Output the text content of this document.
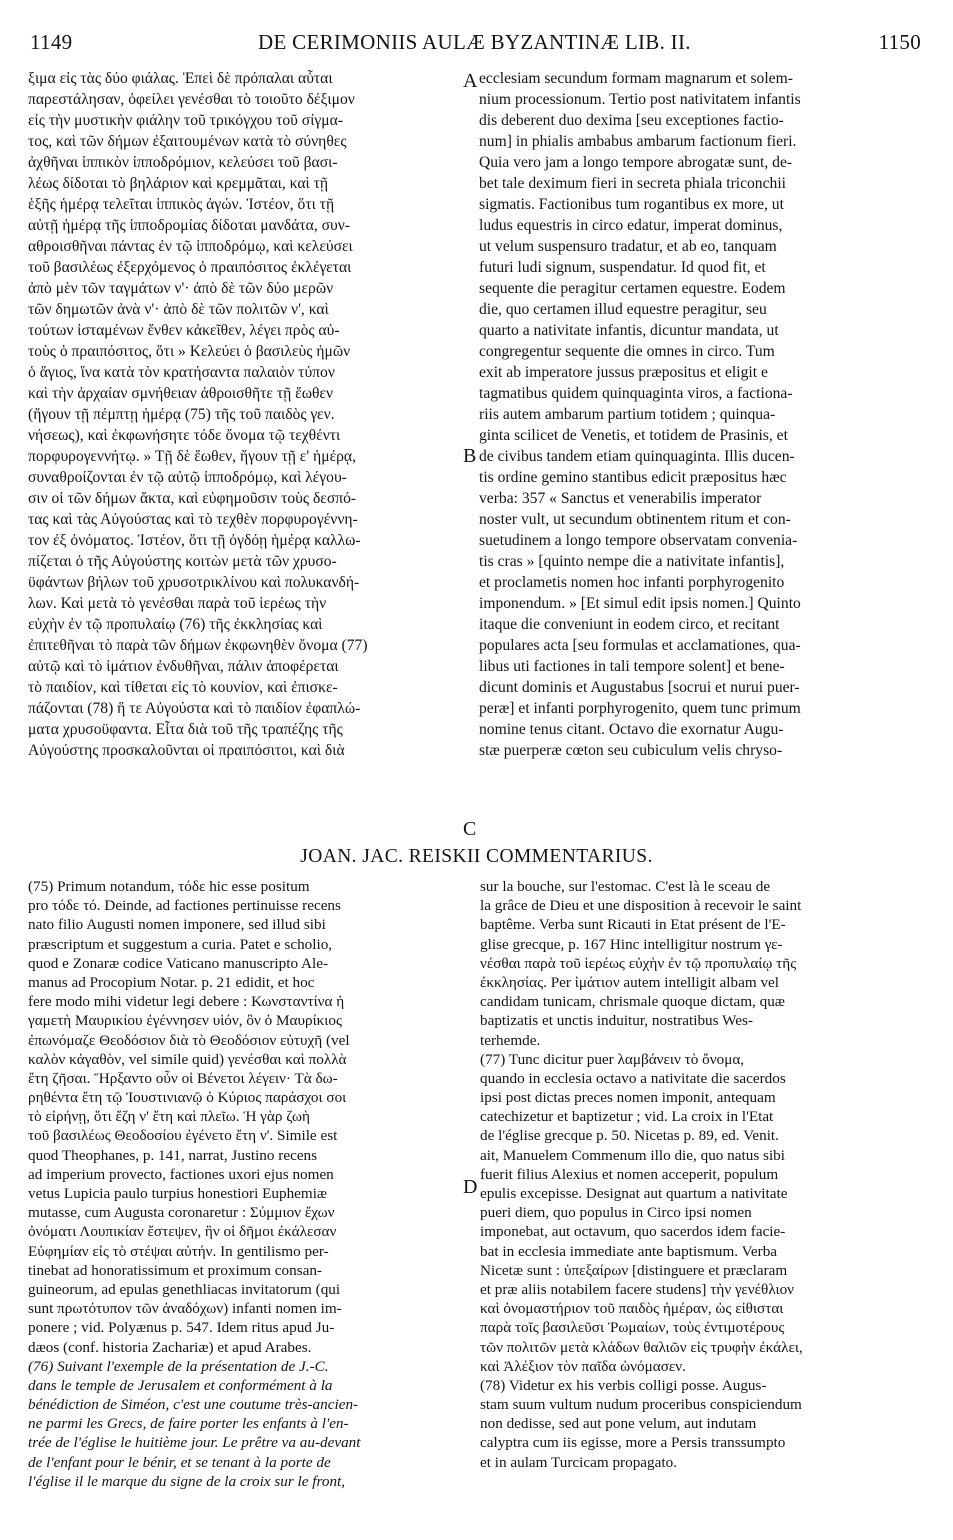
1149	DE CERIMONIIS AULÆ BYZANTINÆ LIB. II.	1150
ξιμα εἰς τὰς δύο φιάλας. Ἐπεὶ δὲ πρόπαλαι αὗται
παρεστάλησαν, ὀφείλει γενέσθαι τὸ τοιοῦτο δέξιμον
εἰς τὴν μυστικὴν φιάλην τοῦ τρικόγχου τοῦ σίγμα-
τος, καὶ τῶν δήμων ἐξαιτουμένων κατὰ τὸ σύνηθες
ἀχθῆναι ἱππικὸν ἱπποδρόμιον, κελεύσει τοῦ βασι-
λέως δίδοται τὸ βηλάριον καὶ κρεμμᾶται, καὶ τῇ
ἑξῆς ἡμέρᾳ τελεῖται ἱππικὸς ἀγών. Ἰστέον, ὅτι τῇ
αὐτῇ ἡμέρᾳ τῆς ἱπποδρομίας δίδοται μανδάτα, συν-
αθροισθῆναι πάντας ἐν τῷ ἱπποδρόμῳ, καὶ κελεύσει
τοῦ βασιλέως ἐξερχόμενος ὁ πραιπόσιτος ἐκλέγεται
ἀπὸ μὲν τῶν ταγμάτων ν'· ἀπὸ δὲ τῶν δύο μερῶν
τῶν δημωτῶν ἀνὰ ν'· ἀπὸ δὲ τῶν πολιτῶν ν', καὶ
τούτων ἱσταμένων ἔνθεν κἀκεῖθεν, λέγει πρὸς αὐ-
τοὺς ὁ πραιπόσιτος, ὅτι » Κελεύει ὁ βασιλεὺς ἡμῶν
ὁ ἅγιος, ἵνα κατὰ τὸν κρατήσαντα παλαιὸν τύπον
καὶ τὴν ἀρχαίαν σμνήθειαν ἀθροισθῆτε τῇ ἕωθεν
(ἤγουν τῇ πέμπτῃ ἡμέρᾳ (75) τῆς τοῦ παιδὸς γεν.
νήσεως), καὶ ἐκφωνήσητε τόδε ὄνομα τῷ τεχθέντι
πορφυρογεννήτῳ. » Τῇ δὲ ἕωθεν, ἤγουν τῇ ε' ἡμέρᾳ,
συναθροίζονται ἐν τῷ αὐτῷ ἱπποδρόμῳ, καὶ λέγου-
σιν οἱ τῶν δήμων ἄκτα, καὶ εὐφημοῦσιν τοὺς δεσπό-
τας καὶ τὰς Αὐγούστας καὶ τὸ τεχθὲν πορφυρογέννη-
τον ἐξ ὀνόματος. Ἰστέον, ὅτι τῇ ὀγδόῃ ἡμέρᾳ καλλω-
πίζεται ὁ τῆς Αὐγούστης κοιτὼν μετὰ τῶν χρυσο-
ϋφάντων βήλων τοῦ χρυσοτρικλίνου καὶ πολυκανδή-
λων. Καὶ μετὰ τὸ γενέσθαι παρὰ τοῦ ἱερέως τὴν
εὐχὴν ἐν τῷ προπυλαίῳ (76) τῆς ἐκκλησίας καὶ
ἐπιτεθῆναι τὸ παρὰ τῶν δήμων ἐκφωνηθὲν ὄνομα (77)
αὐτῷ καὶ τὸ ἱμάτιον ἐνδυθῆναι, πάλιν ἀποφέρεται
τὸ παιδίον, καὶ τίθεται εἰς τὸ κουνίον, καὶ ἐπισκε-
πάζονται (78) ἥ τε Αὐγούστα καὶ τὸ παιδίον ἐφαπλώ-
ματα χρυσοϋφαντα. Εἶτα διὰ τοῦ τῆς τραπέζης τῆς
Αὐγούστης προσκαλοῦνται οἱ πραιπόσιτοι, καὶ διὰ
ecclesiam secundum formam magnarum et solem-
nium processionum. Tertio post nativitatem infantis
dis deberent duo dexima [seu exceptiones factio-
num] in phialis ambabus ambarum factionum fieri.
Quia vero jam a longo tempore abrogatæ sunt, de-
bet tale deximum fieri in secreta phiala triconchii
sigmatis. Factionibus tum rogantibus ex more, ut
ludus equestris in circo edatur, imperat dominus,
ut velum suspensuro tradatur, et ab eo, tanquam
futuri ludi signum, suspendatur. Id quod fit, et
sequente die peragitur certamen equestre. Eodem
die, quo certamen illud equestre peragitur, seu
quarto a nativitate infantis, dicuntur mandata, ut
congregentur sequente die omnes in circo. Tum
exit ab imperatore jussus præpositus et eligit e
tagmatibus quidem quinquaginta viros, a factiona-
riis autem ambarum partium totidem ; quinqua-
ginta scilicet de Venetis, et totidem de Prasinis, et
de civibus tandem etiam quinquaginta. Illis ducen-
tis ordine gemino stantibus edicit præpositus hæc
verba: 357 « Sanctus et venerabilis imperator
noster vult, ut secundum obtinentem ritum et con-
suetudinem a longo tempore observatam convenia-
tis cras » [quinto nempe die a nativitate infantis],
et proclametis nomen hoc infanti porphyrogenito
imponendum. » [Et simul edit ipsis nomen.] Quinto
itaque die conveniunt in eodem circo, et recitant
populares acta [seu formulas et acclamationes, qua-
libus uti factiones in tali tempore solent] et bene-
dicunt dominis et Augustabus [socrui et nurui puer-
peræ] et infanti porphyrogenito, quem tunc primum
nomine tenus citant. Octavo die exornatur Augu-
stæ puerperæ cœton seu cubiculum velis chryso-
A
B
C
D
JOAN. JAC. REISKII COMMENTARIUS.
(75) Primum notandum, τόδε hic esse positum
pro τόδε τό. Deinde, ad factiones pertinuisse recens
nato filio Augusti nomen imponere, sed illud sibi
præscriptum et suggestum a curia. Patet e scholio,
quod e Zonaræ codice Vaticano manuscripto Ale-
manus ad Procopium Notar. p. 21 edidit, et hoc
fere modo mihi videtur legi debere : Κωνσταντίνα ἡ
γαμετὴ Μαυρικίου ἐγέννησεν υἱόν, ὃν ὁ Μαυρίκιος
ἐπωνόμαζε Θεοδόσιον διὰ τὸ Θεοδόσιον εὐτυχῆ (vel
καλὸν κἀγαθὸν, vel simile quid) γενέσθαι καὶ πολλὰ
ἔτη ζῆσαι. Ἤρξαντο οὖν οἱ Βένετοι λέγειν· Τὰ δω-
ρηθέντα ἔτη τῷ Ἰουστινιανῷ ὁ Κύριος παράσχοι σοι
τὸ εἰρήνῃ, ὅτι ἔζη ν' ἔτη καὶ πλεῖω. Ἡ γὰρ ζωὴ
τοῦ βασιλέως Θεοδοσίου ἐγένετο ἔτη ν'. Simile est
quod Theophanes, p. 141, narrat, Justino recens
ad imperium provecto, factiones uxori ejus nomen
vetus Lupicia paulo turpius honestiori Euphemiæ
mutasse, cum Augusta coronaretur : Σύμμιον ἔχων
ὀνόματι Λουπικίαν ἔστεψεν, ἣν οἱ δῆμοι ἐκάλεσαν
Εὐφημίαν εἰς τὸ στέψαι αὐτήν. In gentilismo per-
tinebat ad honoratissimum et proximum consan-
guineorum, ad epulas genethliacas invitatorum (qui
sunt πρωτότυπον τῶν ἀναδόχων) infanti nomen im-
ponere ; vid. Polyænus p. 547. Idem ritus apud Ju-
dæos (conf. historia Zachariæ) et apud Arabes.
(76) Suivant l'exemple de la présentation de J.-C.
dans le temple de Jerusalem et conformément à la
bénédiction de Siméon, c'est une coutume très-ancien-
ne parmi les Grecs, de faire porter les enfants à l'en-
trée de l'église le huitième jour. Le prêtre va au-devant
de l'enfant pour le bénir, et se tenant à la porte de
l'église il le marque du signe de la croix sur le front,
sur la bouche, sur l'estomac. C'est là le sceau de
la grâce de Dieu et une disposition à recevoir le saint
baptême. Verba sunt Ricauti in Etat présent de l'E-
glise grecque, p. 167 Hinc intelligitur nostrum γε-
νέσθαι παρὰ τοῦ ἱερέως εὐχὴν ἐν τῷ προπυλαίῳ τῆς
ἐκκλησίας. Per ἱμάτιον autem intelligit albam vel
candidam tunicam, chrismale quoque dictam, quæ
baptizatis et unctis induitur, nostratibus Wes-
terhemde.
(77) Tunc dicitur puer λαμβάνειν τὸ ὄνομα,
quando in ecclesia octavo a nativitate die sacerdos
ipsi post dictas preces nomen imponit, antequam
catechizetur et baptizetur ; vid. La croix in l'Etat
de l'église grecque p. 50. Nicetas p. 89, ed. Venit.
ait, Manuelem Commenum illo die, quo natus sibi
fuerit filius Alexius et nomen acceperit, populum
epulis excepisse. Designat aut quartum a nativitate
pueri diem, quo populus in Circo ipsi nomen
imponebat, aut octavum, quo sacerdos idem facie-
bat in ecclesia immediate ante baptismum. Verba
Nicetæ sunt : ὑπεξαίρων [distinguere et præclaram
et præ aliis notabilem facere studens] τὴν γενέθλιον
καὶ ὀνομαστήριον τοῦ παιδὸς ἡμέραν, ὡς εἰθισται
παρὰ τοῖς βασιλεῦσι Ῥωμαίων, τοὺς ἐντιμοτέρους
τῶν πολιτῶν μετὰ κλάδων θαλιῶν εἰς τρυφὴν ἐκάλει,
καὶ Ἀλέξιον τὸν παῖδα ὠνόμασεν.
(78) Videtur ex his verbis colligi posse. Augus-
stam suum vultum nudum proceribus conspiciendum
non dedisse, sed aut pone velum, aut indutam
calyptra cum iis egisse, more a Persis transsumpto
et in aulam Turcicam propagato.
